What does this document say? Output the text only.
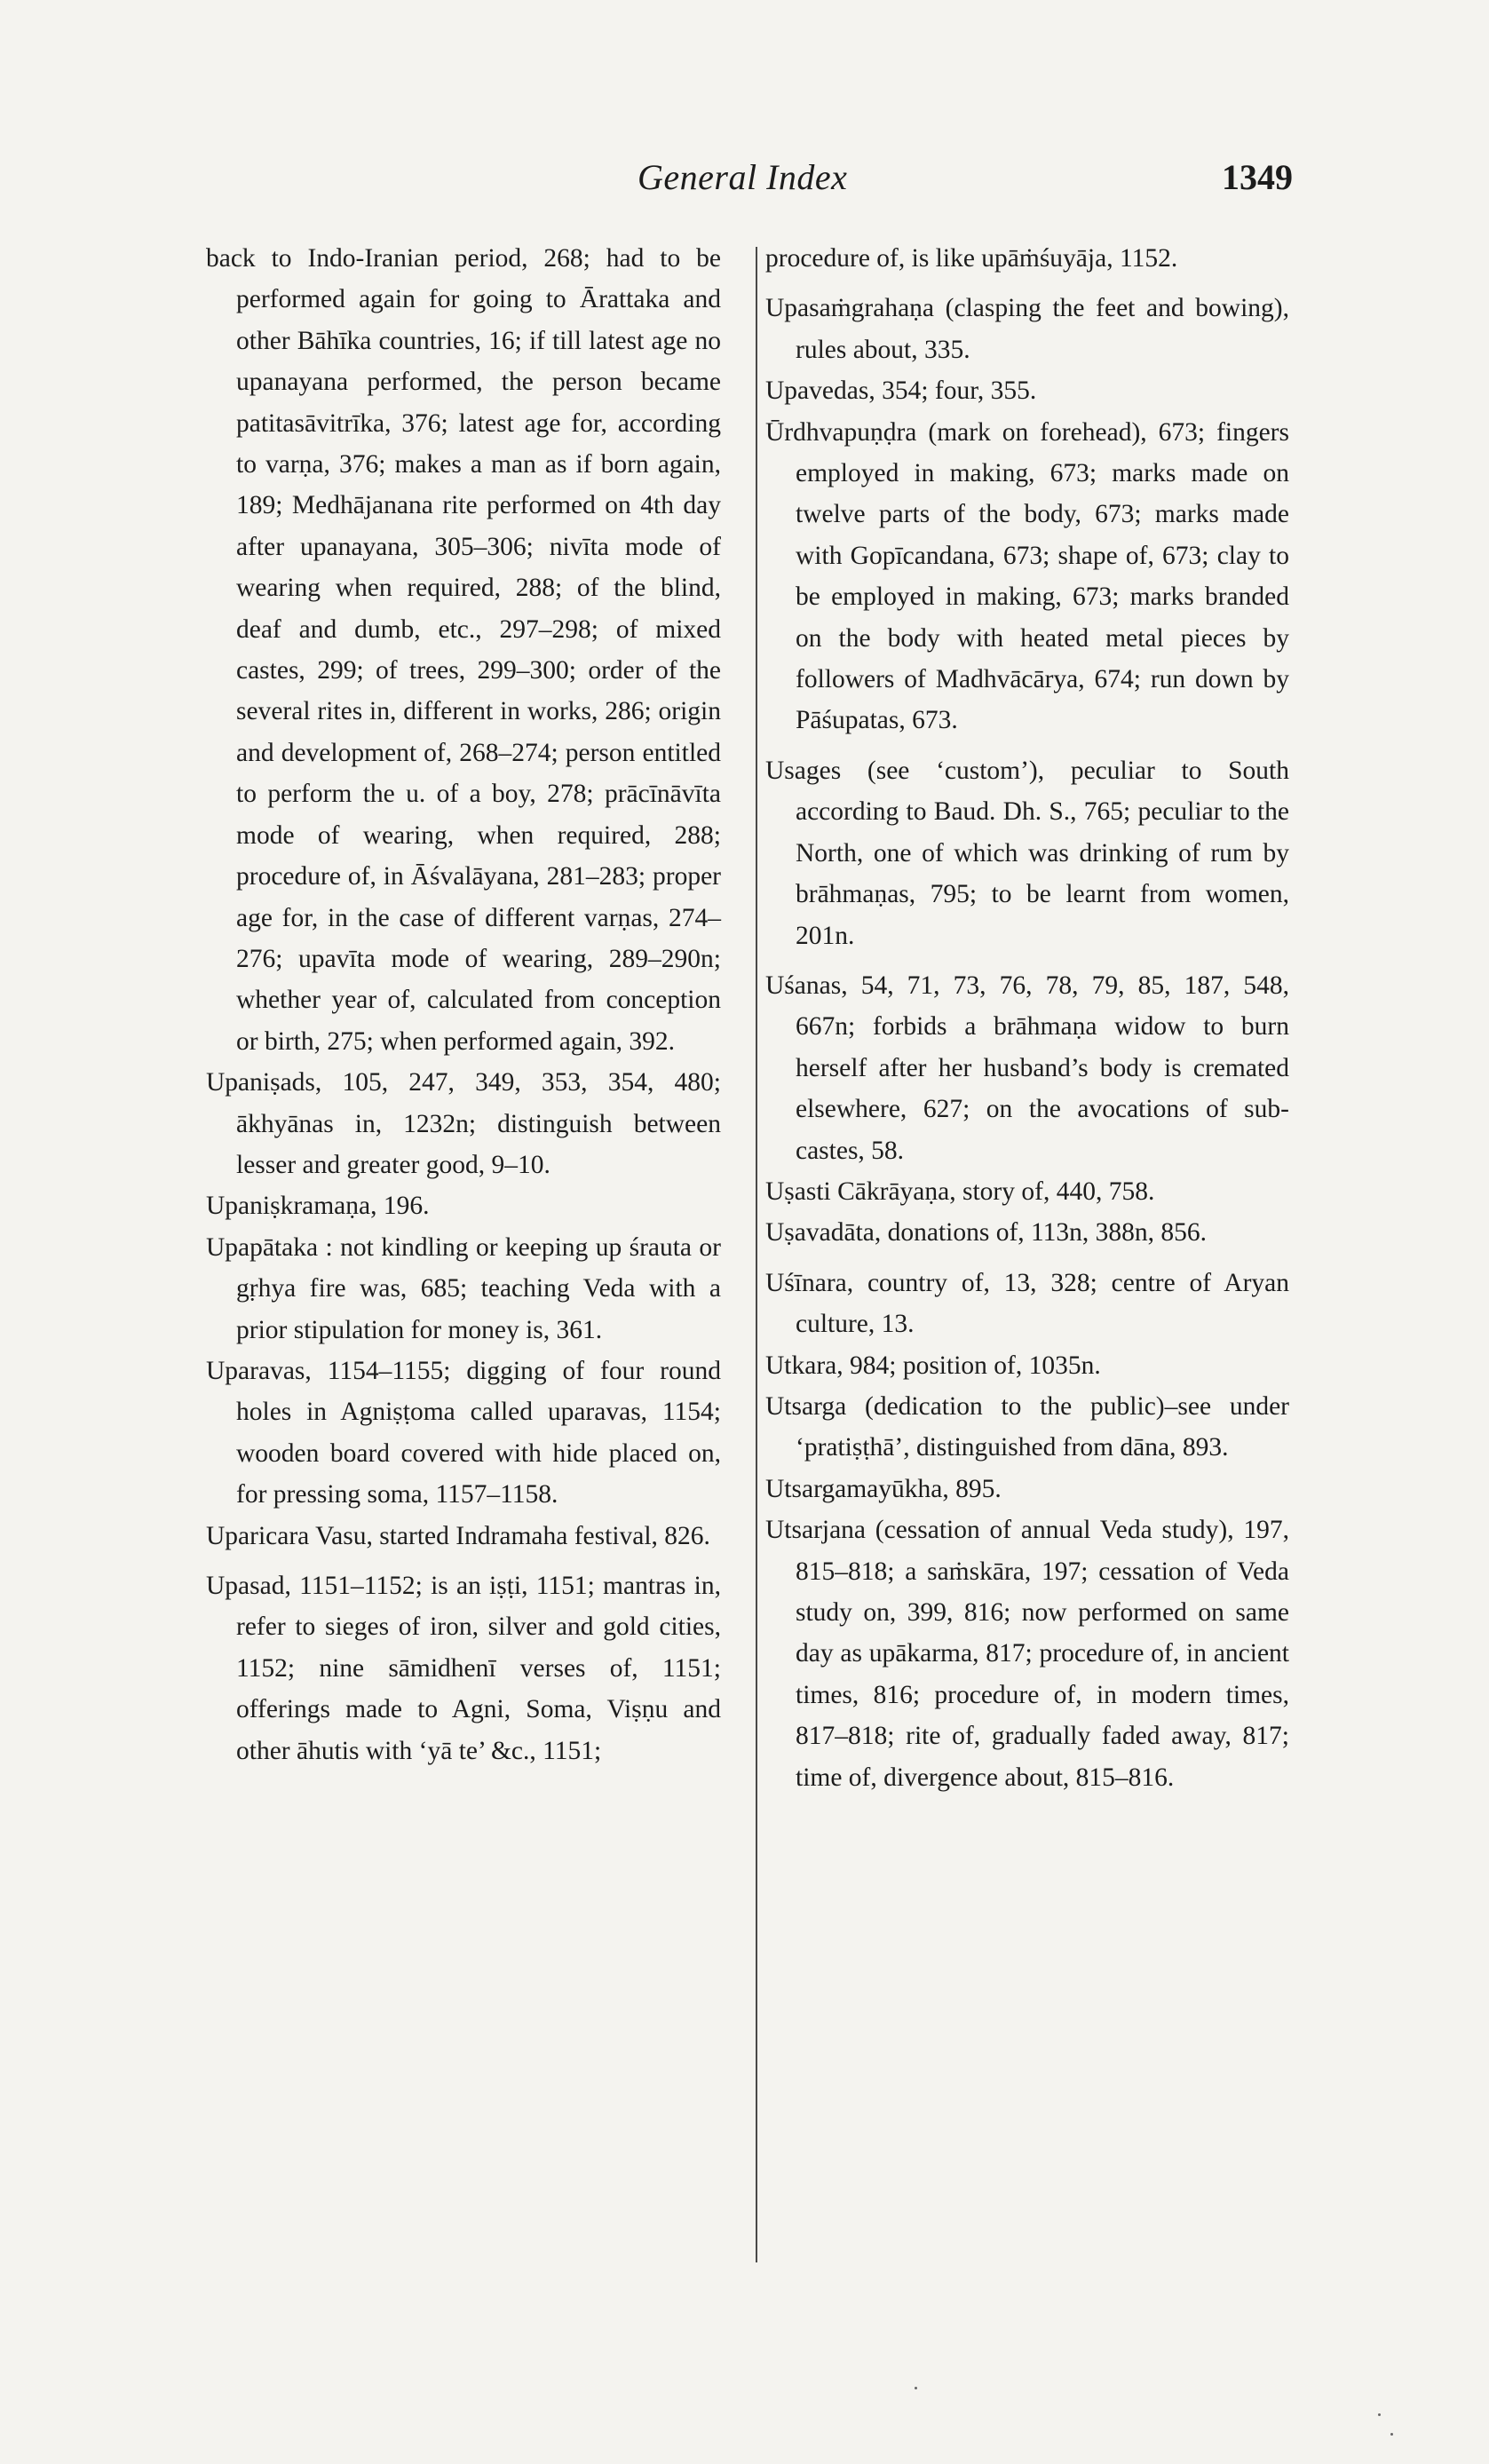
General Index	1349

back to Indo-Iranian period, 268; had to be performed again for going to Ārattaka and other Bāhīka countries, 16; if till latest age no upanayana performed, the person became patitasāvitrīka, 376; latest age for, according to varṇa, 376; makes a man as if born again, 189; Medhājanana rite performed on 4th day after upanayana, 305–306; nivīta mode of wearing when required, 288; of the blind, deaf and dumb, etc., 297–298; of mixed castes, 299; of trees, 299–300; order of the several rites in, different in works, 286; origin and development of, 268–274; person entitled to perform the u. of a boy, 278; prācīnāvīta mode of wearing, when required, 288; procedure of, in Āśvalāyana, 281–283; proper age for, in the case of different varṇas, 274–276; upavīta mode of wearing, 289–290n; whether year of, calculated from conception or birth, 275; when performed again, 392.

Upaniṣads, 105, 247, 349, 353, 354, 480; ākhyānas in, 1232n; distinguish between lesser and greater good, 9–10.

Upaniṣkramaṇa, 196.

Upapātaka : not kindling or keeping up śrauta or gṛhya fire was, 685; teaching Veda with a prior stipulation for money is, 361.

Uparavas, 1154–1155; digging of four round holes in Agniṣṭoma called uparavas, 1154; wooden board covered with hide placed on, for pressing soma, 1157–1158.

Uparicara Vasu, started Indramaha festival, 826.

Upasad, 1151–1152; is an iṣṭi, 1151; mantras in, refer to sieges of iron, silver and gold cities, 1152; nine sāmidhenī verses of, 1151; offerings made to Agni, Soma, Viṣṇu and other āhutis with ‘yā te’ &c., 1151;

procedure of, is like upāṁśuyāja, 1152.

Upasaṁgrahaṇa (clasping the feet and bowing), rules about, 335.

Upavedas, 354; four, 355.

Ūrdhvapuṇḍra (mark on forehead), 673; fingers employed in making, 673; marks made on twelve parts of the body, 673; marks made with Gopīcandana, 673; shape of, 673; clay to be employed in making, 673; marks branded on the body with heated metal pieces by followers of Madhvācārya, 674; run down by Pāśupatas, 673.

Usages (see ‘custom’), peculiar to South according to Baud. Dh. S., 765; peculiar to the North, one of which was drinking of rum by brāhmaṇas, 795; to be learnt from women, 201n.

Uśanas, 54, 71, 73, 76, 78, 79, 85, 187, 548, 667n; forbids a brāhmaṇa widow to burn herself after her husband’s body is cremated elsewhere, 627; on the avocations of sub-castes, 58.

Uṣasti Cākrāyaṇa, story of, 440, 758.

Uṣavadāta, donations of, 113n, 388n, 856.

Uśīnara, country of, 13, 328; centre of Aryan culture, 13.

Utkara, 984; position of, 1035n.

Utsarga (dedication to the public)–see under ‘pratiṣṭhā’, distinguished from dāna, 893.

Utsargamayūkha, 895.

Utsarjana (cessation of annual Veda study), 197, 815–818; a saṁskāra, 197; cessation of Veda study on, 399, 816; now performed on same day as upākarma, 817; procedure of, in ancient times, 816; procedure of, in modern times, 817–818; rite of, gradually faded away, 817; time of, divergence about, 815–816.
